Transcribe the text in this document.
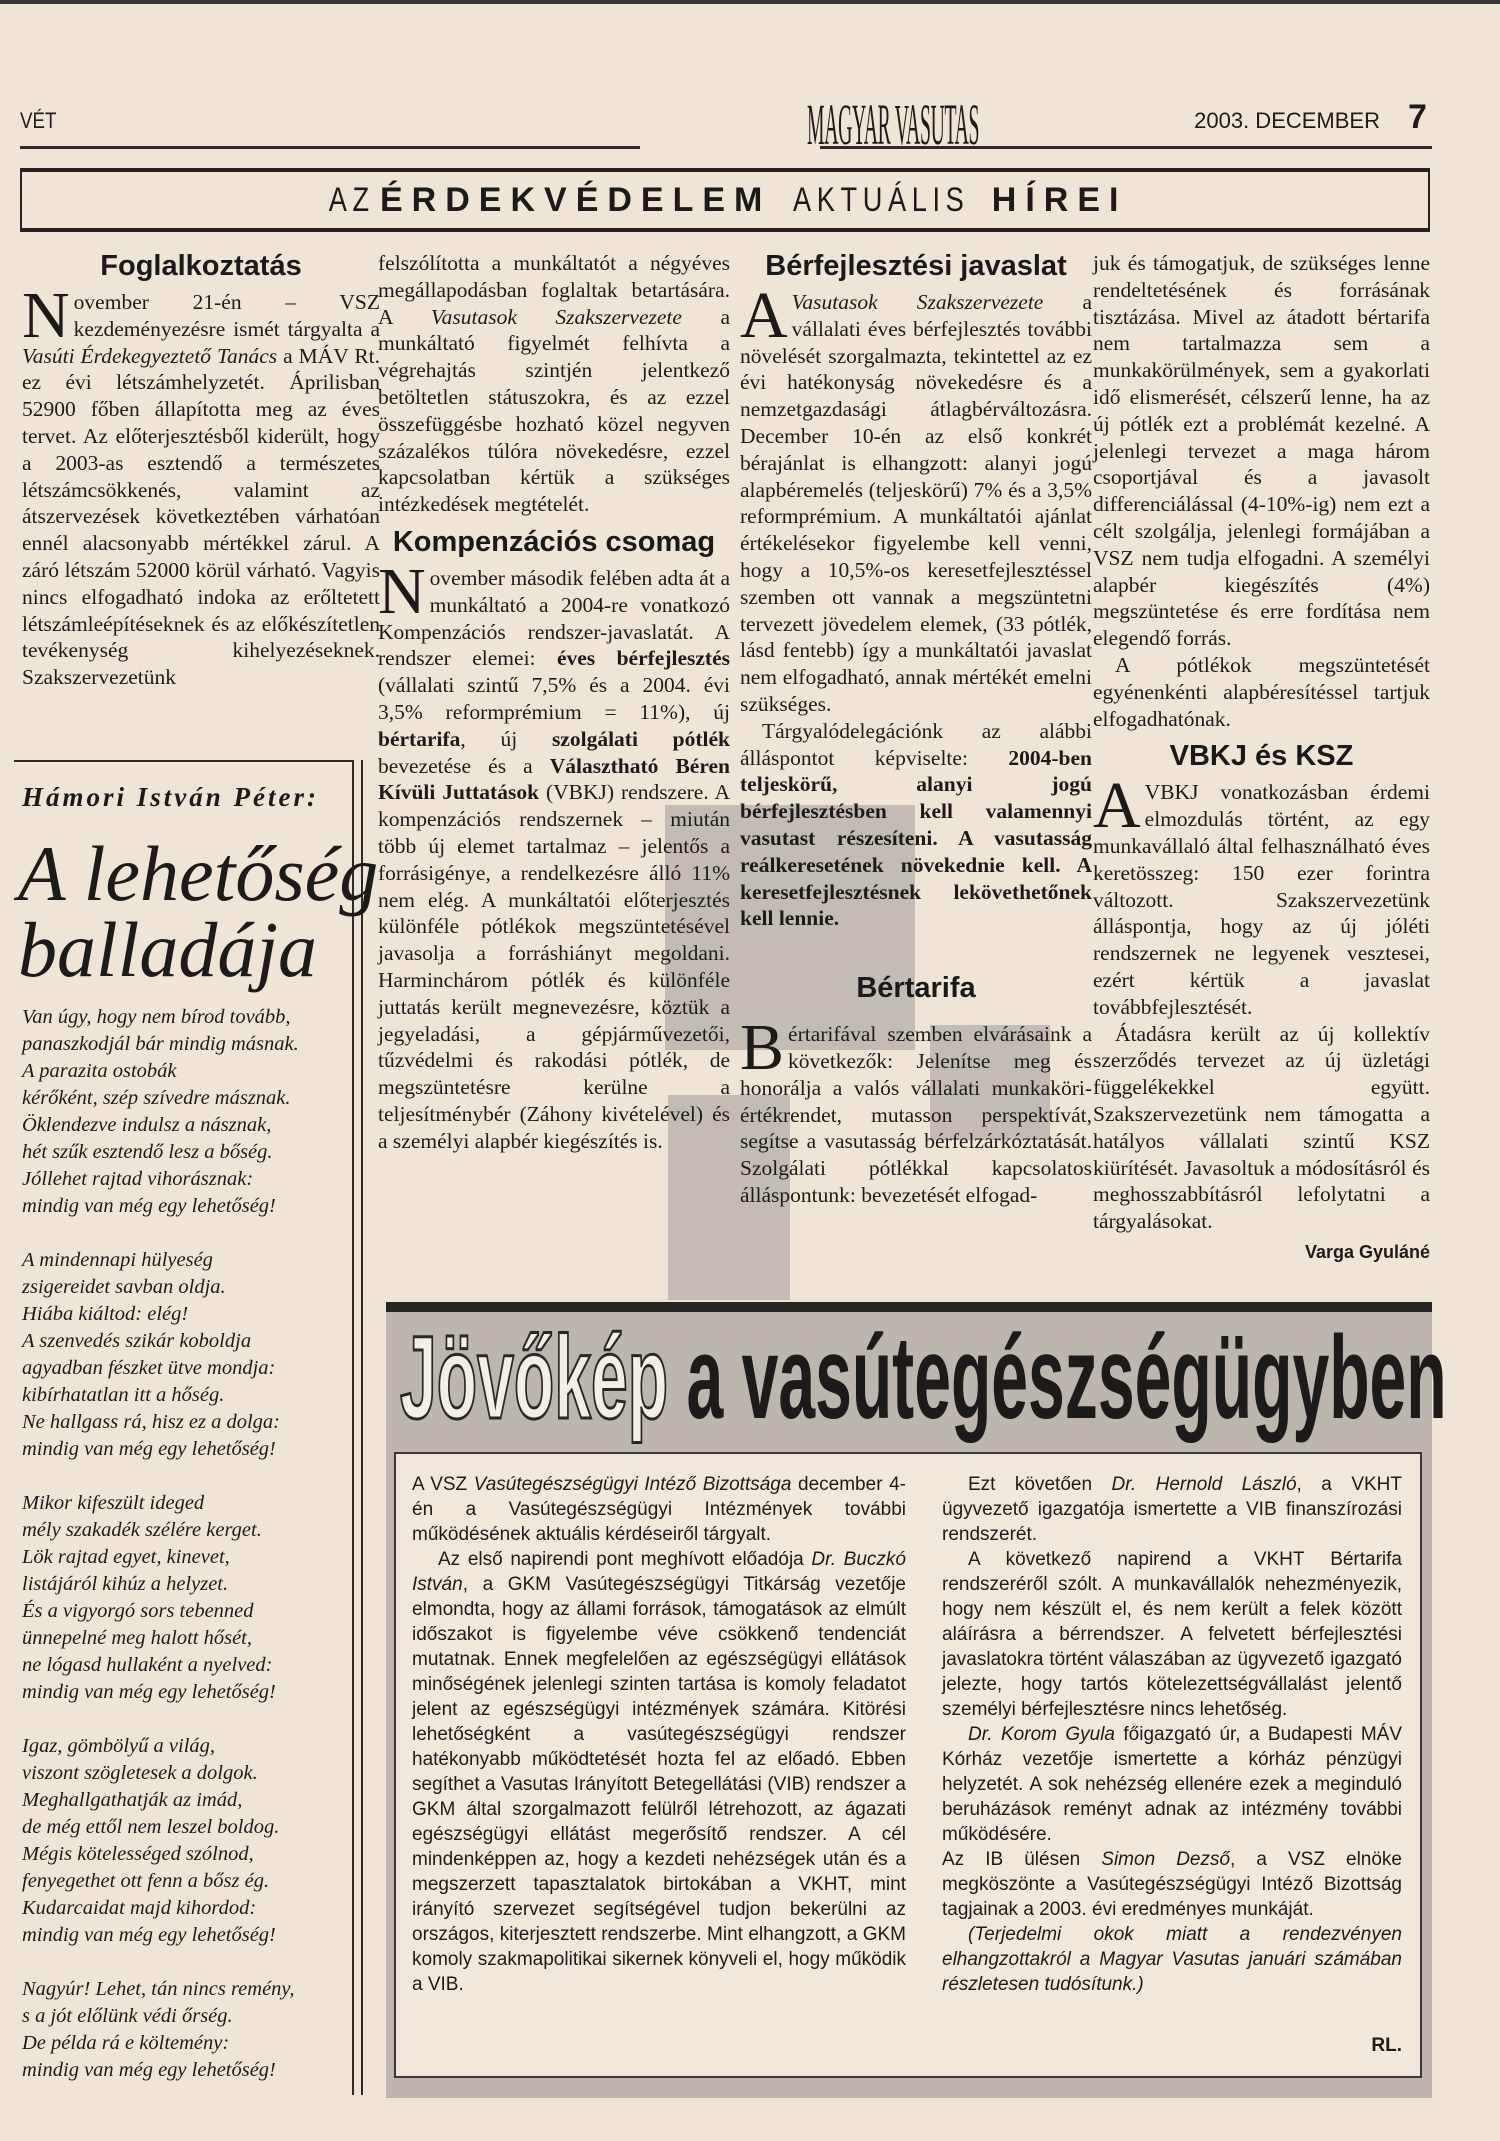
VÉT	MAGYAR VASUTAS	2003. DECEMBER 7
AZÉRDEKVÉDELEMAKTUÁLISHÍREI
Foglalkoztatás

November 21-én – VSZ kezdeményezésre ismét tárgyalta a Vasúti Érdekegyeztető Tanács a MÁV Rt. ez évi létszámhelyzetét. Áprilisban 52900 főben állapította meg az éves tervet. Az előterjesztésből kiderült, hogy a 2003-as esztendő a természetes létszámcsökkenés, valamint az átszervezések következtében várhatóan ennél alacsonyabb mértékkel zárul. A záró létszám 52000 körül várható. Vagyis nincs elfogadható indoka az erőltetett létszámleépítéseknek és az előkészítetlen tevékenység kihelyezéseknek. Szakszervezetünk

felszólította a munkáltatót a négyéves megállapodásban foglaltak betartására. A Vasutasok Szakszervezete a munkáltató figyelmét felhívta a végrehajtás szintjén jelentkező betöltetlen státuszokra, és az ezzel összefüggésbe hozható közel negyven százalékos túlóra növekedésre, ezzel kapcsolatban kértük a szükséges intézkedések megtételét.

Kompenzációs csomag

November második felében adta át a munkáltató a 2004-re vonatkozó Kompenzációs rendszer-javaslatát. A rendszer elemei: éves bérfejlesztés (vállalati szintű 7,5% és a 2004. évi 3,5% reformprémium = 11%), új bértarifa, új szolgálati pótlék bevezetése és a Választható Béren Kívüli Juttatások (VBKJ) rendszere. A kompenzációs rendszernek – miután több új elemet tartalmaz – jelentős a forrásigénye, a rendelkezésre álló 11% nem elég. A munkáltatói előterjesztés különféle pótlékok megszüntetésével javasolja a forráshiányt megoldani. Harminchárom pótlék és különféle juttatás került megnevezésre, köztük a jegyeladási, a gépjárművezetői, tűzvédelmi és rakodási pótlék, de megszüntetésre kerülne a teljesítménybér (Záhony kivételével) és a személyi alapbér kiegészítés is.

Bérfejlesztési javaslat

A Vasutasok Szakszervezete a vállalati éves bérfejlesztés további növelését szorgalmazta, tekintettel az ez évi hatékonyság növekedésre és a nemzetgazdasági átlagbérváltozásra. December 10-én az első konkrét bérajánlat is elhangzott: alanyi jogú alapbéremelés (teljeskörű) 7% és a 3,5% reformprémium. A munkáltatói ajánlat értékelésekor figyelembe kell venni, hogy a 10,5%-os keresetfejlesztéssel szemben ott vannak a megszüntetni tervezett jövedelem elemek, (33 pótlék, lásd fentebb) így a munkáltatói javaslat nem elfogadható, annak mértékét emelni szükséges.

Tárgyalódelegációnk az alábbi álláspontot képviselte: 2004-ben teljeskörű, alanyi jogú bérfejlesztésben kell valamennyi vasutast részesíteni. A vasutasság reálkeresetének növekednie kell. A keresetfejlesztésnek lekövethetőnek kell lennie.

Bértarifa

Bértarifával szemben elvárásaink a következők: Jelenítse meg és honorálja a valós vállalati munkaköri-értékrendet, mutasson perspektívát, segítse a vasutasság bérfelzárkóztatását. Szolgálati pótlékkal kapcsolatos álláspontunk: bevezetését elfogad-

juk és támogatjuk, de szükséges lenne rendeltetésének és forrásának tisztázása. Mivel az átadott bértarifa nem tartalmazza sem a munkakörülmények, sem a gyakorlati idő elismerését, célszerű lenne, ha az új pótlék ezt a problémát kezelné. A jelenlegi tervezet a maga három csoportjával és a javasolt differenciálással (4-10%-ig) nem ezt a célt szolgálja, jelenlegi formájában a VSZ nem tudja elfogadni. A személyi alapbér kiegészítés (4%) megszüntetése és erre fordítása nem elegendő forrás.

A pótlékok megszüntetését egyénenkénti alapbéresítéssel tartjuk elfogadhatónak.

VBKJ és KSZ

A VBKJ vonatkozásban érdemi elmozdulás történt, az egy munkavállaló által felhasználható éves keretösszeg: 150 ezer forintra változott. Szakszervezetünk álláspontja, hogy az új jóléti rendszernek ne legyenek vesztesei, ezért kértük a javaslat továbbfejlesztését.

Átadásra került az új kollektív szerződés tervezet az új üzletági függelékekkel együtt. Szakszervezetünk nem támogatta a hatályos vállalati szintű KSZ kiürítését. Javasoltuk a módosításról és meghosszabbításról lefolytatni a tárgyalásokat.

Varga Gyuláné
Hámori István Péter:
A lehetőség
balladája
Van úgy, hogy nem bírod tovább,
panaszkodjál bár mindig másnak.
A parazita ostobák
kérőként, szép szívedre másznak.
Öklendezve indulsz a násznak,
hét szűk esztendő lesz a bőség.
Jóllehet rajtad vihorásznak:
mindig van még egy lehetőség!
A mindennapi hülyeség
zsigereidet savban oldja.
Hiába kiáltod: elég!
A szenvedés szikár koboldja
agyadban fészket ütve mondja:
kibírhatatlan itt a hőség.
Ne hallgass rá, hisz ez a dolga:
mindig van még egy lehetőség!
Mikor kifeszült ideged
mély szakadék szélére kerget.
Lök rajtad egyet, kinevet,
listájáról kihúz a helyzet.
És a vigyorgó sors tebenned
ünnepelné meg halott hősét,
ne lógasd hullaként a nyelved:
mindig van még egy lehetőség!
Igaz, gömbölyű a világ,
viszont szögletesek a dolgok.
Meghallgathatják az imád,
de még ettől nem leszel boldog.
Mégis kötelességed szólnod,
fenyegethet ott fenn a bősz ég.
Kudarcaidat majd kihordod:
mindig van még egy lehetőség!
Nagyúr! Lehet, tán nincs remény,
s a jót előlünk védi őrség.
De példa rá e költemény:
mindig van még egy lehetőség!
Jövőkép a vasútegészségügyben

A VSZ Vasútegészségügyi Intéző Bizottsága december 4-én a Vasútegészségügyi Intézmények további működésének aktuális kérdéseiről tárgyalt.

Az első napirendi pont meghívott előadója Dr. Buczkó István, a GKM Vasútegészségügyi Titkárság vezetője elmondta, hogy az állami források, támogatások az elmúlt időszakot is figyelembe véve csökkenő tendenciát mutatnak. Ennek megfelelően az egészségügyi ellátások minőségének jelenlegi szinten tartása is komoly feladatot jelent az egészségügyi intézmények számára. Kitörési lehetőségként a vasútegészségügyi rendszer hatékonyabb működtetését hozta fel az előadó. Ebben segíthet a Vasutas Irányított Betegellátási (VIB) rendszer a GKM által szorgalmazott felülről létrehozott, az ágazati egészségügyi ellátást megerősítő rendszer. A cél mindenképpen az, hogy a kezdeti nehézségek után és a megszerzett tapasztalatok birtokában a VKHT, mint irányító szervezet segítségével tudjon bekerülni az országos, kiterjesztett rendszerbe. Mint elhangzott, a GKM komoly szakmapolitikai sikernek könyveli el, hogy működik a VIB.

Ezt követően Dr. Hernold László, a VKHT ügyvezető igazgatója ismertette a VIB finanszírozási rendszerét.

A következő napirend a VKHT Bértarifa rendszeréről szólt. A munkavállalók nehezményezik, hogy nem készült el, és nem került a felek között aláírásra a bérrendszer. A felvetett bérfejlesztési javaslatokra történt válaszában az ügyvezető igazgató jelezte, hogy tartós kötelezettségvállalást jelentő személyi bérfejlesztésre nincs lehetőség.

Dr. Korom Gyula főigazgató úr, a Budapesti MÁV Kórház vezetője ismertette a kórház pénzügyi helyzetét. A sok nehézség ellenére ezek a meginduló beruházások reményt adnak az intézmény további működésére.

Az IB ülésen Simon Dezső, a VSZ elnöke megköszönte a Vasútegészségügyi Intéző Bizottság tagjainak a 2003. évi eredményes munkáját.

(Terjedelmi okok miatt a rendezvényen elhangzottakról a Magyar Vasutas januári számában részletesen tudósítunk.)

RL.
